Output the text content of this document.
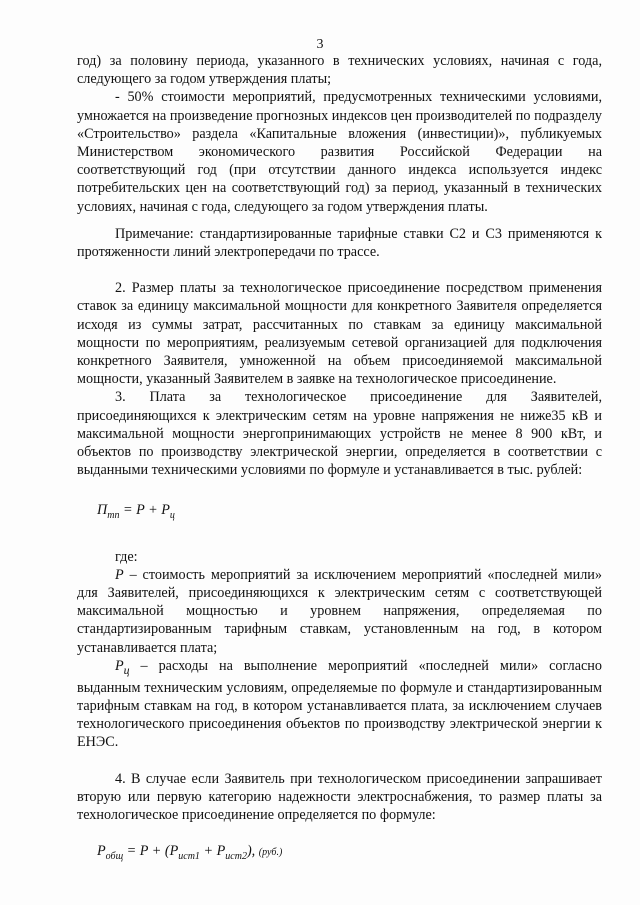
3

год) за половину периода, указанного в технических условиях, начиная с года, следующего за годом утверждения платы;

- 50% стоимости мероприятий, предусмотренных техническими условиями, умножается на произведение прогнозных индексов цен производителей по подразделу «Строительство» раздела «Капитальные вложения (инвестиции)», публикуемых Министерством экономического развития Российской Федерации на соответствующий год (при отсутствии данного индекса используется индекс потребительских цен на соответствующий год) за период, указанный в технических условиях, начиная с года, следующего за годом утверждения платы.

Примечание: стандартизированные тарифные ставки С2 и С3 применяются к протяженности линий электропередачи по трассе.

2. Размер платы за технологическое присоединение посредством применения ставок за единицу максимальной мощности для конкретного Заявителя определяется исходя из суммы затрат, рассчитанных по ставкам за единицу максимальной мощности по мероприятиям, реализуемым сетевой организацией для подключения конкретного Заявителя, умноженной на объем присоединяемой максимальной мощности, указанный Заявителем в заявке на технологическое присоединение.

3. Плата за технологическое присоединение для Заявителей, присоединяющихся к электрическим сетям на уровне напряжения не ниже35 кВ и максимальной мощности энергопринимающих устройств не менее 8 900 кВт, и объектов по производству электрической энергии, определяется в соответствии с выданными техническими условиями по формуле и устанавливается в тыс. рублей:

$П_{тп} = P + P_ц$

где:

P – стоимость мероприятий за исключением мероприятий «последней мили» для Заявителей, присоединяющихся к электрическим сетям с соответствующей максимальной мощностью и уровнем напряжения, определяемая по стандартизированным тарифным ставкам, установленным на год, в котором устанавливается плата;

$P_ц$ – расходы на выполнение мероприятий «последней мили» согласно выданным техническим условиям, определяемые по формуле и стандартизированным тарифным ставкам на год, в котором устанавливается плата, за исключением случаев технологического присоединения объектов по производству электрической энергии к ЕНЭС.

4. В случае если Заявитель при технологическом присоединении запрашивает вторую или первую категорию надежности электроснабжения, то размер платы за технологическое присоединение определяется по формуле:

$P_{общ} = P + (P_{ист1} + P_{ист2})$, (руб.)
